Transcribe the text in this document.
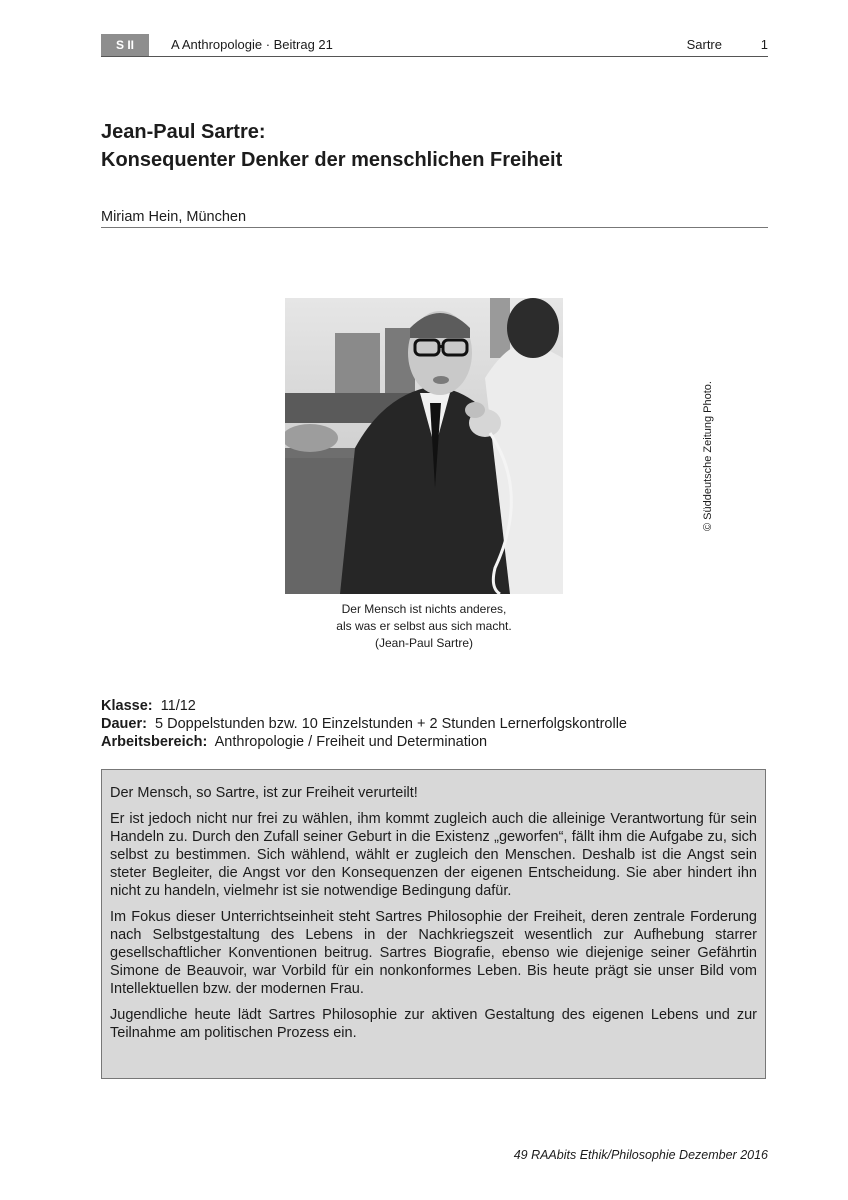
S II	A Anthropologie · Beitrag 21	Sartre	1
Jean-Paul Sartre:
Konsequenter Denker der menschlichen Freiheit
Miriam Hein, München
© Süddeutsche Zeitung Photo.
Der Mensch ist nichts anderes,
als was er selbst aus sich macht.
(Jean-Paul Sartre)
Klasse: 11/12
Dauer: 5 Doppelstunden bzw. 10 Einzelstunden + 2 Stunden Lernerfolgskontrolle
Arbeitsbereich: Anthropologie / Freiheit und Determination

Der Mensch, so Sartre, ist zur Freiheit verurteilt!

Er ist jedoch nicht nur frei zu wählen, ihm kommt zugleich auch die alleinige Verantwortung für sein Handeln zu. Durch den Zufall seiner Geburt in die Existenz „geworfen“, fällt ihm die Aufgabe zu, sich selbst zu bestimmen. Sich wählend, wählt er zugleich den Menschen. Deshalb ist die Angst sein steter Begleiter, die Angst vor den Konsequenzen der eigenen Entscheidung. Sie aber hindert ihn nicht zu handeln, vielmehr ist sie notwendige Bedingung dafür.

Im Fokus dieser Unterrichtseinheit steht Sartres Philosophie der Freiheit, deren zentrale Forderung nach Selbstgestaltung des Lebens in der Nachkriegszeit wesentlich zur Aufhebung starrer gesellschaftlicher Konventionen beitrug. Sartres Biografie, ebenso wie diejenige seiner Gefährtin Simone de Beauvoir, war Vorbild für ein nonkonformes Leben. Bis heute prägt sie unser Bild vom Intellektuellen bzw. der modernen Frau.

Jugendliche heute lädt Sartres Philosophie zur aktiven Gestaltung des eigenen Lebens und zur Teilnahme am politischen Prozess ein.

49 RAAbits Ethik/Philosophie Dezember 2016
